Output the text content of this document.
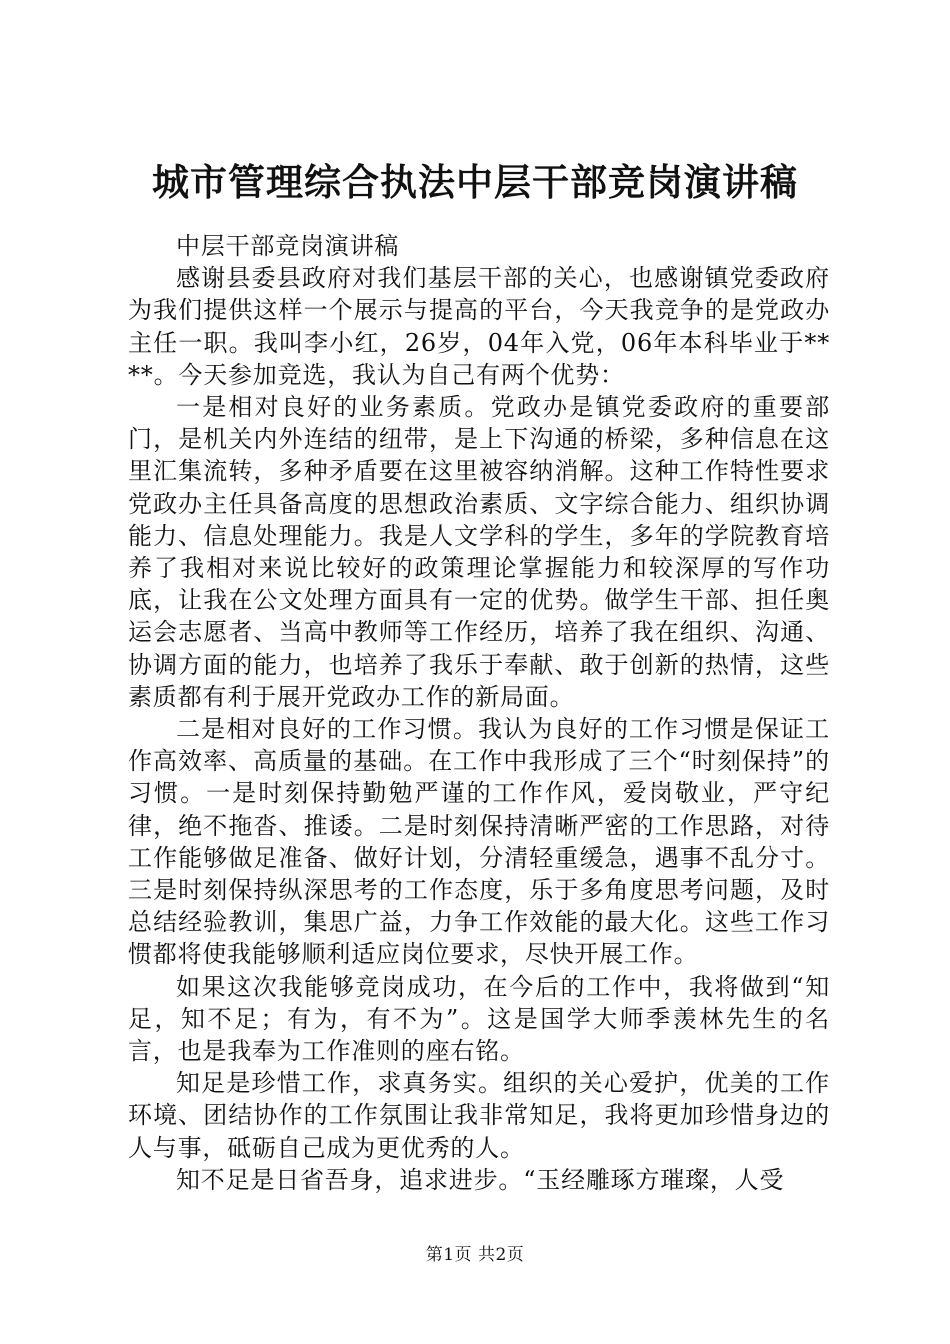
城市管理综合执法中层干部竞岗演讲稿

中层干部竞岗演讲稿

感谢县委县政府对我们基层干部的关心，也感谢镇党委政府为我们提供这样一个展示与提高的平台，今天我竞争的是党政办主任一职。我叫李小红，26岁，04年入党，06年本科毕业于****。今天参加竞选，我认为自己有两个优势：

一是相对良好的业务素质。党政办是镇党委政府的重要部门，是机关内外连结的纽带，是上下沟通的桥梁，多种信息在这里汇集流转，多种矛盾要在这里被容纳消解。这种工作特性要求党政办主任具备高度的思想政治素质、文字综合能力、组织协调能力、信息处理能力。我是人文学科的学生，多年的学院教育培养了我相对来说比较好的政策理论掌握能力和较深厚的写作功底，让我在公文处理方面具有一定的优势。做学生干部、担任奥运会志愿者、当高中教师等工作经历，培养了我在组织、沟通、协调方面的能力，也培养了我乐于奉献、敢于创新的热情，这些素质都有利于展开党政办工作的新局面。

二是相对良好的工作习惯。我认为良好的工作习惯是保证工作高效率、高质量的基础。在工作中我形成了三个“时刻保持”的习惯。一是时刻保持勤勉严谨的工作作风，爱岗敬业，严守纪律，绝不拖沓、推诿。二是时刻保持清晰严密的工作思路，对待工作能够做足准备、做好计划，分清轻重缓急，遇事不乱分寸。三是时刻保持纵深思考的工作态度，乐于多角度思考问题，及时总结经验教训，集思广益，力争工作效能的最大化。这些工作习惯都将使我能够顺利适应岗位要求，尽快开展工作。

如果这次我能够竞岗成功，在今后的工作中，我将做到“知足，知不足；有为，有不为”。这是国学大师季羡林先生的名言，也是我奉为工作准则的座右铭。

知足是珍惜工作，求真务实。组织的关心爱护，优美的工作环境、团结协作的工作氛围让我非常知足，我将更加珍惜身边的人与事，砥砺自己成为更优秀的人。

知不足是日省吾身，追求进步。“玉经雕琢方璀璨，人受

第1页 共2页
